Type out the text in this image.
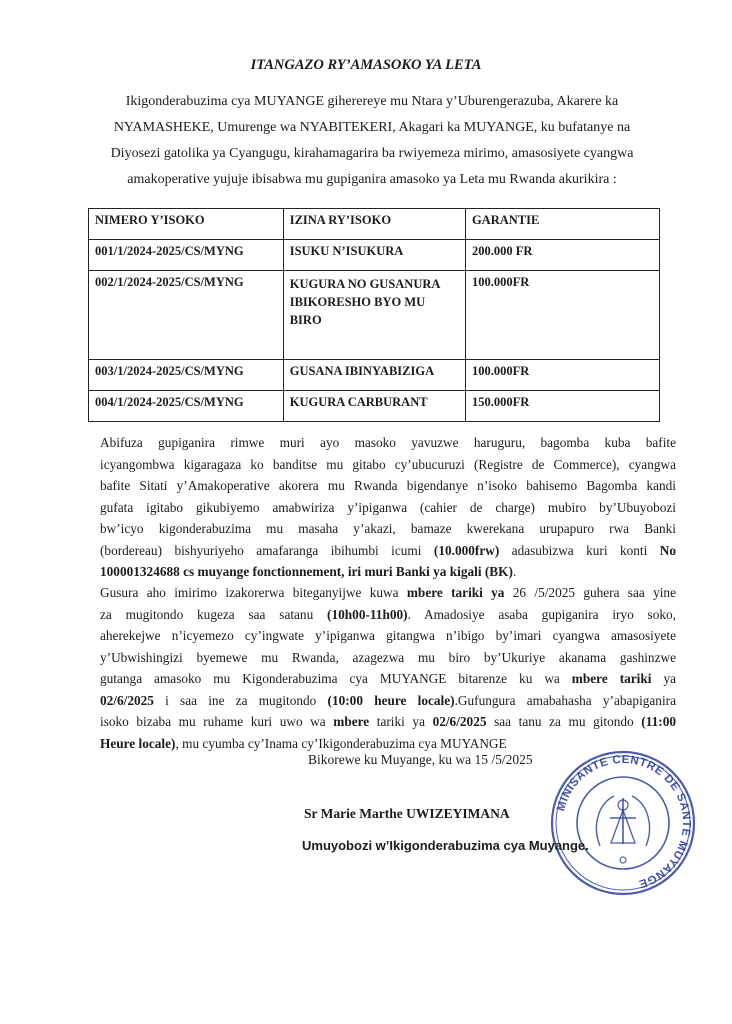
ITANGAZO RY’AMASOKO YA LETA
Ikigonderabuzima cya MUYANGE giherereye mu Ntara y’Uburengerazuba, Akarere ka
NYAMASHEKE, Umurenge wa NYABITEKERI, Akagari ka MUYANGE, ku bufatanye na
Diyosezi gatolika ya Cyangugu, kirahamagarira ba rwiyemeza mirimo, amasosiyete cyangwa
amakoperative yujuje ibisabwa mu gupiganira amasoko ya Leta mu Rwanda akurikira :
NIMERO Y’ISOKO	IZINA RY’ISOKO	GARANTIE
001/1/2024-2025/CS/MYNG	ISUKU N’ISUKURA	200.000 FR
002/1/2024-2025/CS/MYNG	KUGURA NO GUSANURA IBIKORESHO BYO MU BIRO	100.000FR
003/1/2024-2025/CS/MYNG	GUSANA IBINYABIZIGA	100.000FR
004/1/2024-2025/CS/MYNG	KUGURA CARBURANT	150.000FR
Abifuza gupiganira rimwe muri ayo masoko yavuzwe haruguru, bagomba kuba bafite
icyangombwa kigaragaza ko banditse mu gitabo cy’ubucuruzi (Registre de Commerce), cyangwa
bafite Sitati y’Amakoperative akorera mu Rwanda bigendanye n’isoko bahisemo Bagomba kandi
gufata igitabo gikubiyemo amabwiriza y’ipiganwa (cahier de charge) mubiro by’Ubuyobozi
bw’icyo kigonderabuzima mu masaha y’akazi, bamaze kwerekana urupapuro rwa Banki
(bordereau) bishyuriyeho amafaranga ibihumbi icumi (10.000frw) adasubizwa kuri konti No
100001324688 cs muyange fonctionnement, iri muri Banki ya kigali (BK).
Gusura aho imirimo izakorerwa biteganyijwe kuwa mbere tariki ya 26 /5/2025 guhera saa yine
za mugitondo kugeza saa satanu (10h00-11h00). Amadosiye asaba gupiganira iryo soko,
aherekejwe n’icyemezo cy’ingwate y’ipiganwa gitangwa n’ibigo by’imari cyangwa amasosiyete
y’Ubwishingizi byemewe mu Rwanda, azagezwa mu biro by’Ukuriye akanama gashinzwe
gutanga amasoko mu Kigonderabuzima cya MUYANGE bitarenze ku wa mbere tariki ya
02/6/2025 i saa ine za mugitondo (10:00 heure locale).Gufungura amabahasha y’abapiganira
isoko bizaba mu ruhame kuri uwo wa mbere tariki ya 02/6/2025 saa tanu za mu gitondo (11:00
Heure locale), mu cyumba cy’Inama cy’Ikigonderabuzima cya MUYANGE
Bikorewe ku Muyange, ku wa 15 /5/2025
MINISANTE CENTRE DE SANTE MUYANGE
Sr Marie Marthe UWIZEYIMANA
Umuyobozi w’Ikigonderabuzima cya Muyange.
